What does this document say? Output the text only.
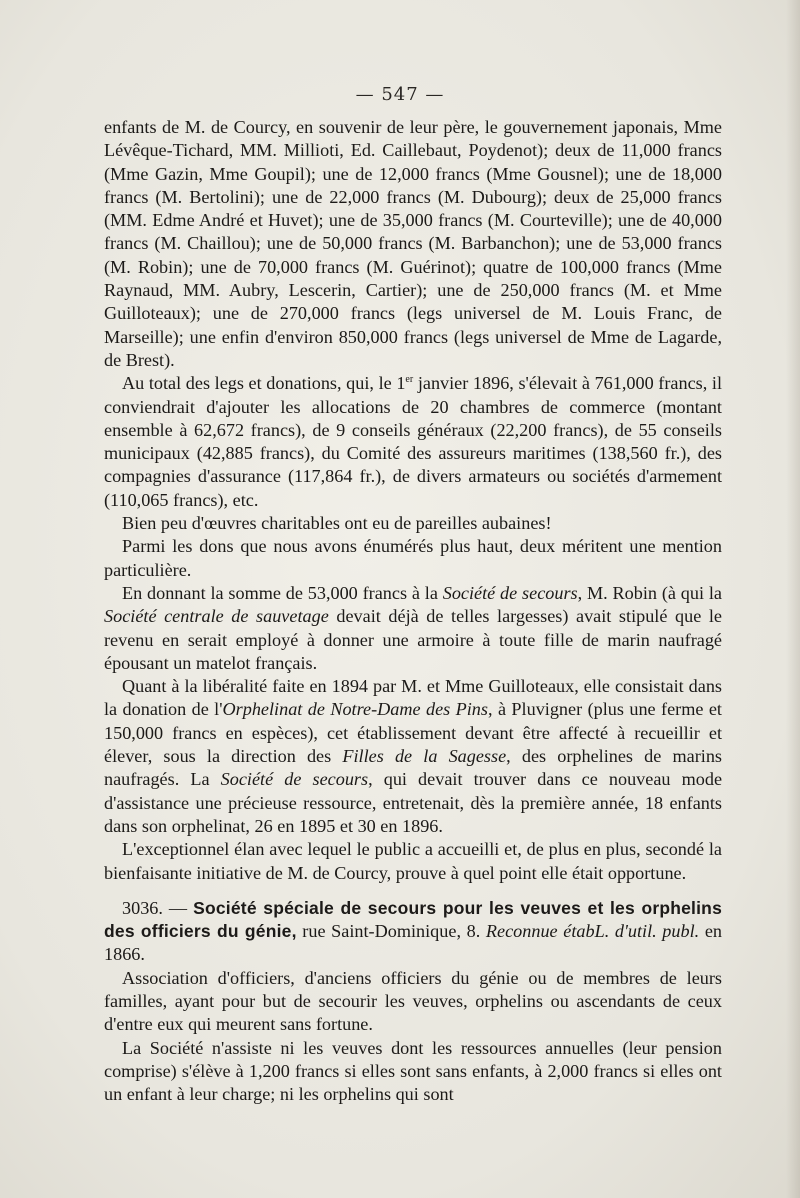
— 547 —

enfants de M. de Courcy, en souvenir de leur père, le gouvernement japonais, Mme Lévêque-Tichard, MM. Millioti, Ed. Caillebaut, Poydenot); deux de 11,000 francs (Mme Gazin, Mme Goupil); une de 12,000 francs (Mme Gousnel); une de 18,000 francs (M. Bertolini); une de 22,000 francs (M. Dubourg); deux de 25,000 francs (MM. Edme André et Huvet); une de 35,000 francs (M. Courteville); une de 40,000 francs (M. Chaillou); une de 50,000 francs (M. Barbanchon); une de 53,000 francs (M. Robin); une de 70,000 francs (M. Guérinot); quatre de 100,000 francs (Mme Raynaud, MM. Aubry, Lescerin, Cartier); une de 250,000 francs (M. et Mme Guilloteaux); une de 270,000 francs (legs universel de M. Louis Franc, de Marseille); une enfin d'environ 850,000 francs (legs universel de Mme de Lagarde, de Brest).

Au total des legs et donations, qui, le 1er janvier 1896, s'élevait à 761,000 francs, il conviendrait d'ajouter les allocations de 20 chambres de commerce (montant ensemble à 62,672 francs), de 9 conseils généraux (22,200 francs), de 55 conseils municipaux (42,885 francs), du Comité des assureurs maritimes (138,560 fr.), des compagnies d'assurance (117,864 fr.), de divers armateurs ou sociétés d'armement (110,065 francs), etc.

Bien peu d'œuvres charitables ont eu de pareilles aubaines!

Parmi les dons que nous avons énumérés plus haut, deux méritent une mention particulière.

En donnant la somme de 53,000 francs à la Société de secours, M. Robin (à qui la Société centrale de sauvetage devait déjà de telles largesses) avait stipulé que le revenu en serait employé à donner une armoire à toute fille de marin naufragé épousant un matelot français.

Quant à la libéralité faite en 1894 par M. et Mme Guilloteaux, elle consistait dans la donation de l'Orphelinat de Notre-Dame des Pins, à Pluvigner (plus une ferme et 150,000 francs en espèces), cet établissement devant être affecté à recueillir et élever, sous la direction des Filles de la Sagesse, des orphelines de marins naufragés. La Société de secours, qui devait trouver dans ce nouveau mode d'assistance une précieuse ressource, entretenait, dès la première année, 18 enfants dans son orphelinat, 26 en 1895 et 30 en 1896.

L'exceptionnel élan avec lequel le public a accueilli et, de plus en plus, secondé la bienfaisante initiative de M. de Courcy, prouve à quel point elle était opportune.

3036. — Société spéciale de secours pour les veuves et les orphelins des officiers du génie, rue Saint-Dominique, 8. Reconnue étabL. d'util. publ. en 1866.

Association d'officiers, d'anciens officiers du génie ou de membres de leurs familles, ayant pour but de secourir les veuves, orphelins ou ascendants de ceux d'entre eux qui meurent sans fortune.

La Société n'assiste ni les veuves dont les ressources annuelles (leur pension comprise) s'élève à 1,200 francs si elles sont sans enfants, à 2,000 francs si elles ont un enfant à leur charge; ni les orphelins qui sont
